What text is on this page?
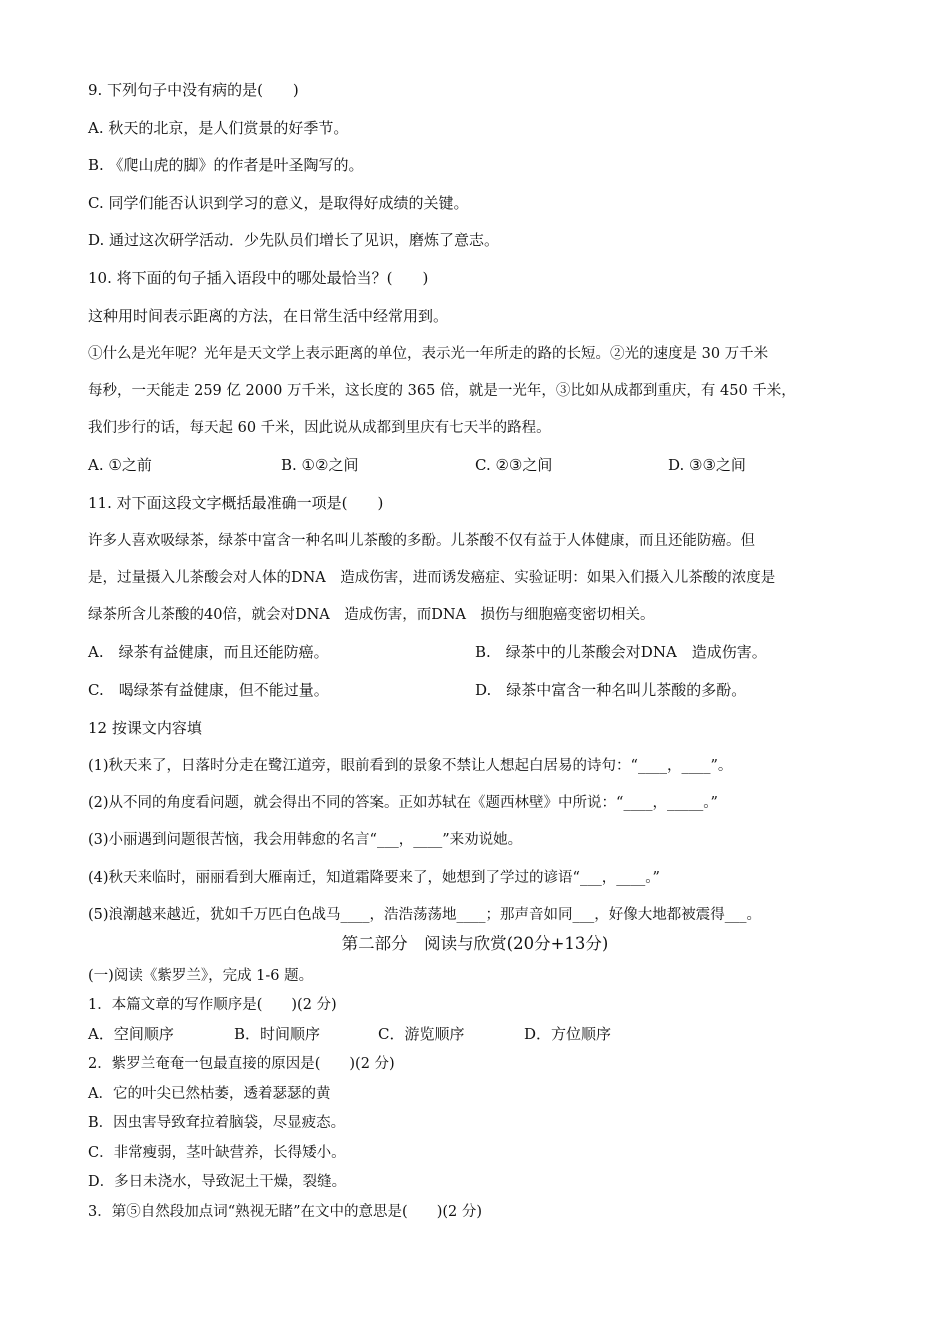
9. 下列句子中没有病的是(　　)
A. 秋天的北京，是人们赏景的好季节。
B. 《爬山虎的脚》的作者是叶圣陶写的。
C. 同学们能否认识到学习的意义，是取得好成绩的关键。
D. 通过这次研学活动．少先队员们增长了见识，磨炼了意志。
10. 将下面的句子插入语段中的哪处最恰当？(　　)
这种用时间表示距离的方法，在日常生活中经常用到。
①什么是光年呢？光年是天文学上表示距离的单位，表示光一年所走的路的长短。②光的速度是 30 万千米
每秒，一天能走 259 亿 2000 万千米，这长度的 365 倍，就是一光年，③比如从成都到重庆，有 450 千米，
我们步行的话，每天起 60 千米，因此说从成都到里庆有七天半的路程。
A. ①之前	B. ①②之间	C. ②③之间	D. ③③之间
11. 对下面这段文字概括最准确一项是(　　)
许多人喜欢吸绿茶，绿茶中富含一种名叫儿茶酸的多酚。儿茶酸不仅有益于人体健康，而且还能防癌。但
是，过量摄入儿茶酸会对人体的DNA　造成伤害，进而诱发癌症、实验证明：如果入们摄入儿茶酸的浓度是
绿茶所含儿茶酸的40倍，就会对DNA　造成伤害，而DNA　损伤与细胞癌变密切相关。
A.　绿茶有益健康，而且还能防癌。	B.　绿茶中的儿茶酸会对DNA　造成伤害。
C.　喝绿茶有益健康，但不能过量。	D.　绿茶中富含一种名叫儿茶酸的多酚。
12 按课文内容填
(1)秋天来了，日落时分走在鹭江道旁，眼前看到的景象不禁让人想起白居易的诗句：“____，____”。
(2)从不同的角度看问题，就会得出不同的答案。正如苏轼在《题西林壁》中所说：“____，_____。”
(3)小丽遇到问题很苦恼，我会用韩愈的名言“___，____”来劝说她。
(4)秋天来临时，丽丽看到大雁南迁，知道霜降要来了，她想到了学过的谚语“___，____。”
(5)浪潮越来越近，犹如千万匹白色战马____，浩浩荡荡地____；那声音如同___，好像大地都被震得___。
第二部分　阅读与欣赏(20分+13分)
(一)阅读《紫罗兰》，完成 1-6 题。
1．本篇文章的写作顺序是(　　)(2 分)
A．空间顺序	B．时间顺序	C．游览顺序	D．方位顺序
2．紫罗兰奄奄一包最直接的原因是(　　)(2 分)
A．它的叶尖已然枯萎，透着瑟瑟的黄
B．因虫害导致耷拉着脑袋，尽显疲态。
C．非常瘦弱，茎叶缺营养，长得矮小。
D．多日未浇水，导致泥土干燥，裂缝。
3．第⑤自然段加点词“熟视无睹”在文中的意思是(　　)(2 分)
